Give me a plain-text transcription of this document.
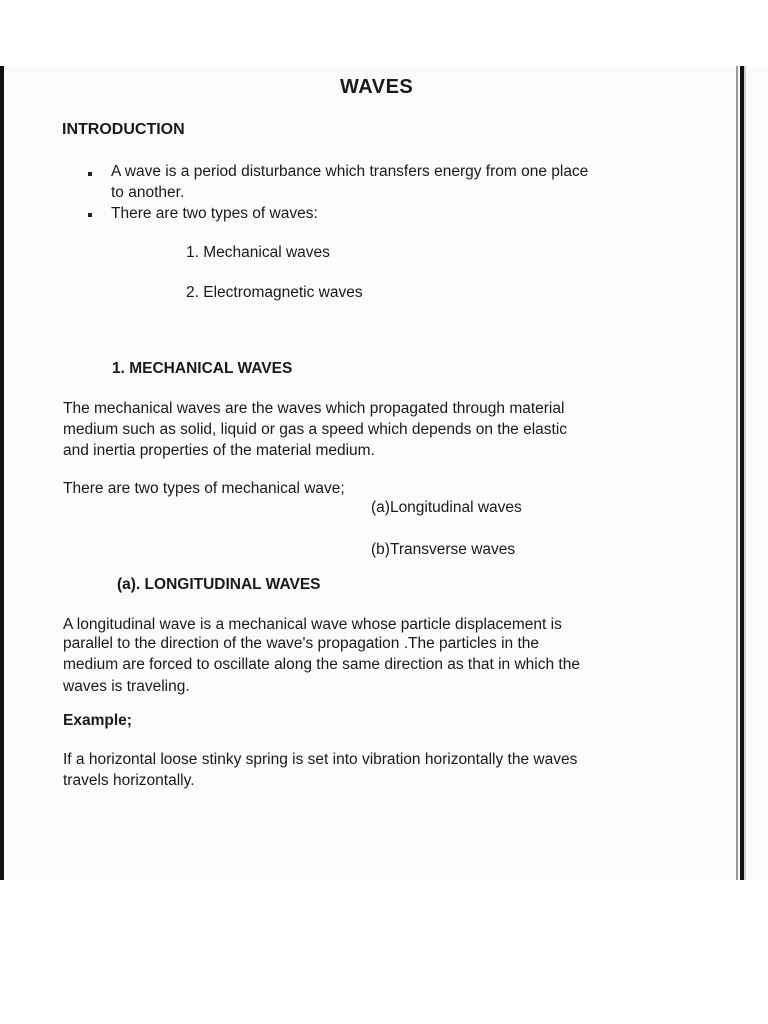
WAVES
INTRODUCTION
A wave is a period disturbance which transfers energy from one place
to another.
There are two types of waves:
1. Mechanical waves
2. Electromagnetic waves
1. MECHANICAL WAVES
The mechanical waves are the waves which propagated through material
medium such as solid, liquid or gas a speed which depends on the elastic
and inertia properties of the material medium.
There are two types of mechanical wave;
(a)Longitudinal waves
(b)Transverse waves
(a). LONGITUDINAL WAVES
A longitudinal wave is a mechanical wave whose particle displacement is
parallel to the direction of the wave's propagation .The particles in the
medium are forced to oscillate along the same direction as that in which the
waves is traveling.
Example;
If a horizontal loose stinky spring is set into vibration horizontally the waves
travels horizontally.
